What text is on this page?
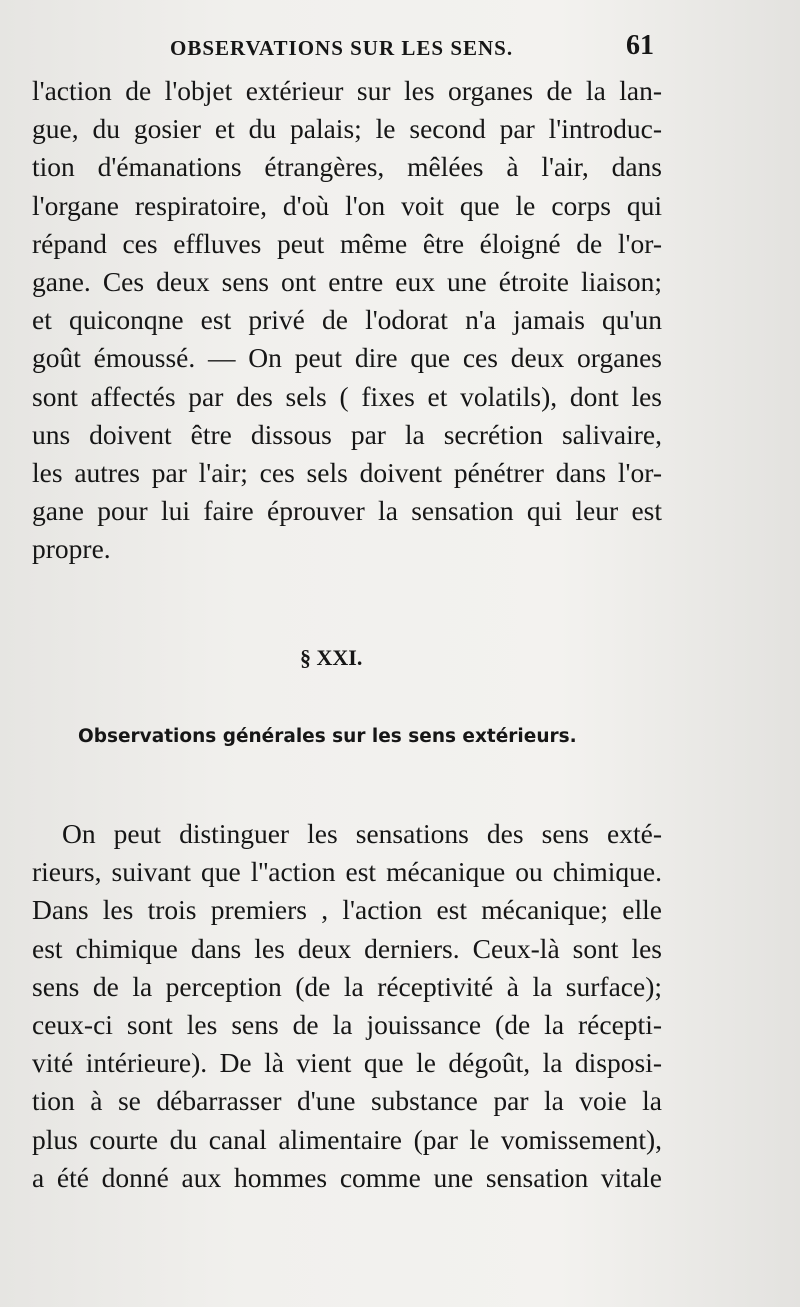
OBSERVATIONS SUR LES SENS.	61
l'action de l'objet extérieur sur les organes de la lan-
gue, du gosier et du palais; le second par l'introduc-
tion d'émanations étrangères, mêlées à l'air, dans
l'organe respiratoire, d'où l'on voit que le corps qui
répand ces effluves peut même être éloigné de l'or-
gane. Ces deux sens ont entre eux une étroite liaison;
et quiconqne est privé de l'odorat n'a jamais qu'un
goût émoussé. — On peut dire que ces deux organes
sont affectés par des sels ( fixes et volatils), dont les
uns doivent être dissous par la secrétion salivaire,
les autres par l'air; ces sels doivent pénétrer dans l'or-
gane pour lui faire éprouver la sensation qui leur est
propre.
§ XXI.
Observations générales sur les sens extérieurs.
On peut distinguer les sensations des sens exté-
rieurs, suivant que l''action est mécanique ou chimique.
Dans les trois premiers , l'action est mécanique; elle
est chimique dans les deux derniers. Ceux-là sont les
sens de la perception (de la réceptivité à la surface);
ceux-ci sont les sens de la jouissance (de la récepti-
vité intérieure). De là vient que le dégoût, la disposi-
tion à se débarrasser d'une substance par la voie la
plus courte du canal alimentaire (par le vomissement),
a été donné aux hommes comme une sensation vitale
